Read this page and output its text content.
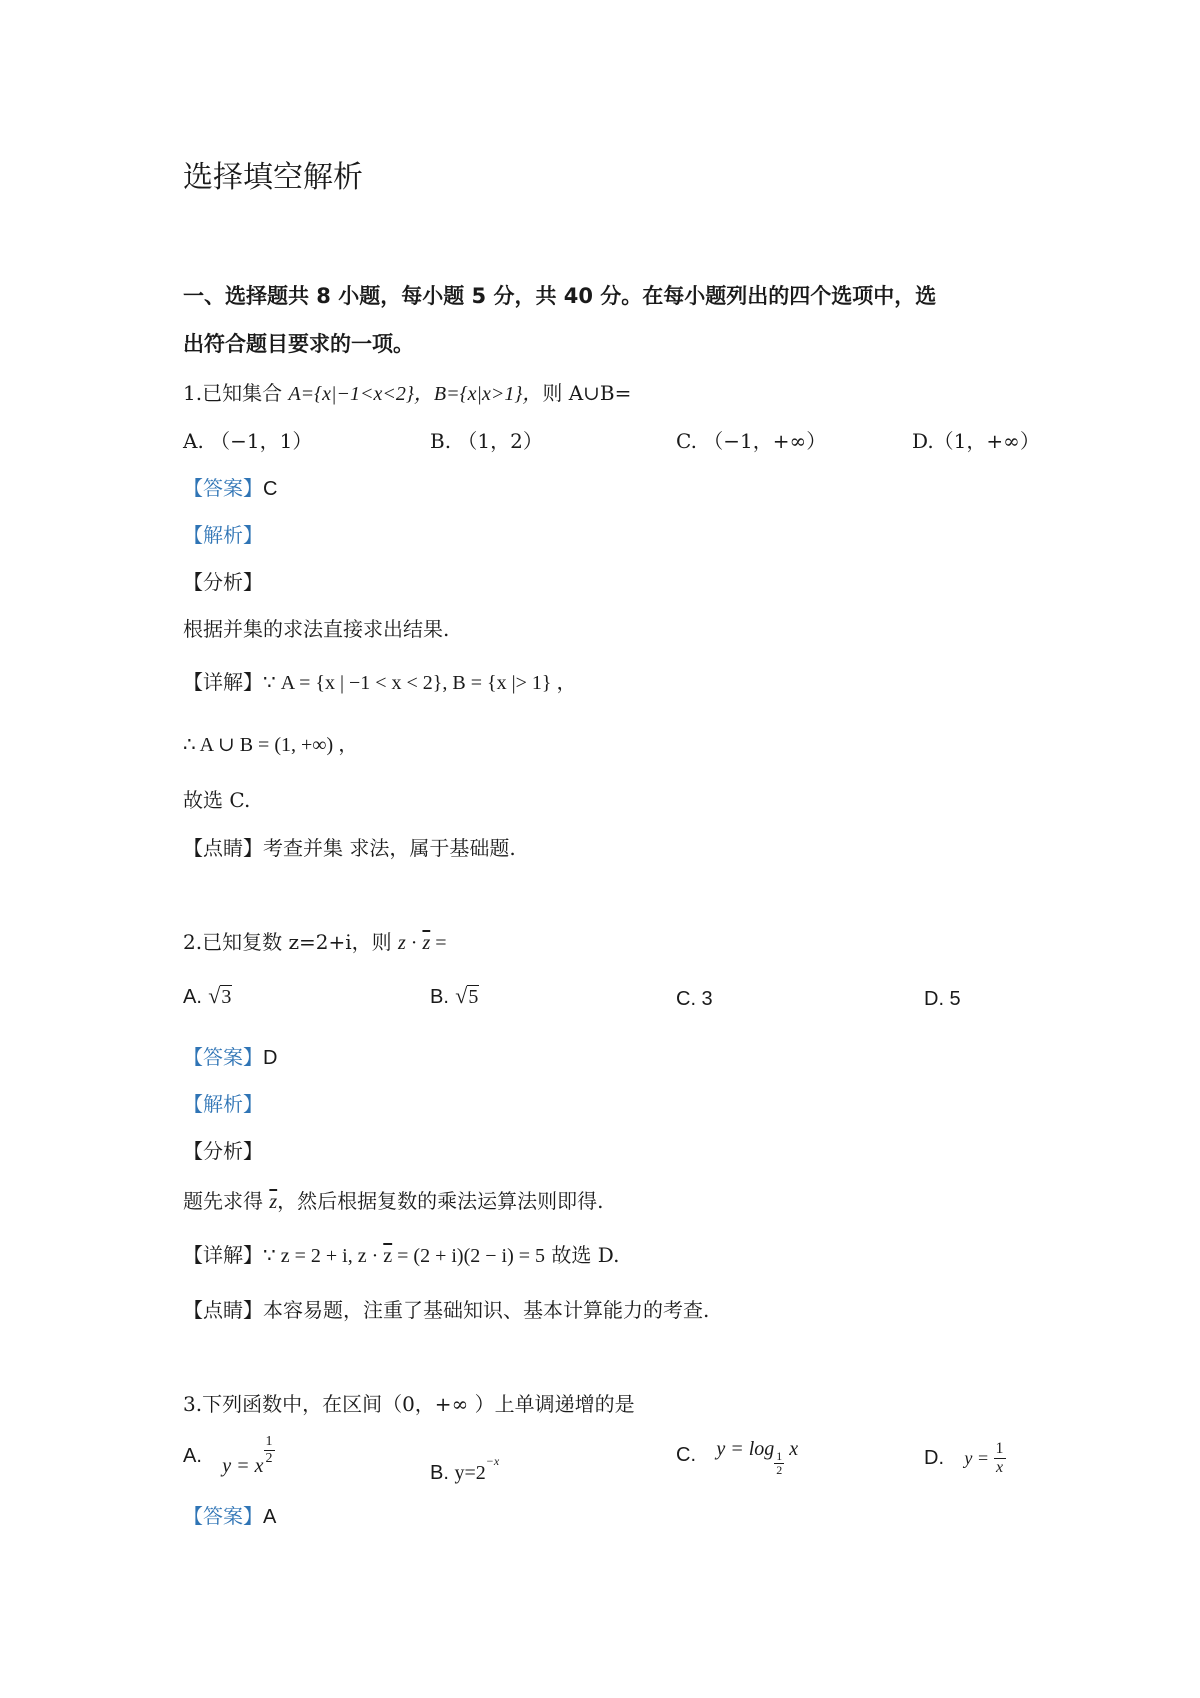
选择填空解析
一、选择题共 8 小题，每小题 5 分，共 40 分。在每小题列出的四个选项中，选
出符合题目要求的一项。
1.已知集合 A={x|−1<x<2}，B={x|x>1}，则 A∪B=
A. （−1，1）	B. （1，2）	C. （−1，+∞）	D.（1，+∞）
【答案】C
【解析】
【分析】
根据并集的求法直接求出结果.
【详解】∵ A = {x | −1 < x < 2}, B = {x |> 1} ，
∴ A ∪ B = (1, +∞) ，
故选 C.
【点睛】考查并集 求法，属于基础题.
2.已知复数 z=2+i，则 $z \cdot \overline{z}$ =
A. √3	B. √5	C. 3	D. 5
【答案】D
【解析】
【分析】
题先求得 $\overline{z}$，然后根据复数的乘法运算法则即得.
【详解】∵ z = 2 + i, $z \cdot \overline{z} = (2 + i)(2 - i) = 5$ 故选 D.
【点睛】本容易题，注重了基础知识、基本计算能力的考查.
3.下列函数中，在区间（0，+∞ ）上单调递增的是
A. y = x $\frac{1}{2}$
B. $y=2^{-x}$	C. y = log
$\frac{1}{2}$
x	D. $y = \frac{1}{x}$
【答案】A
